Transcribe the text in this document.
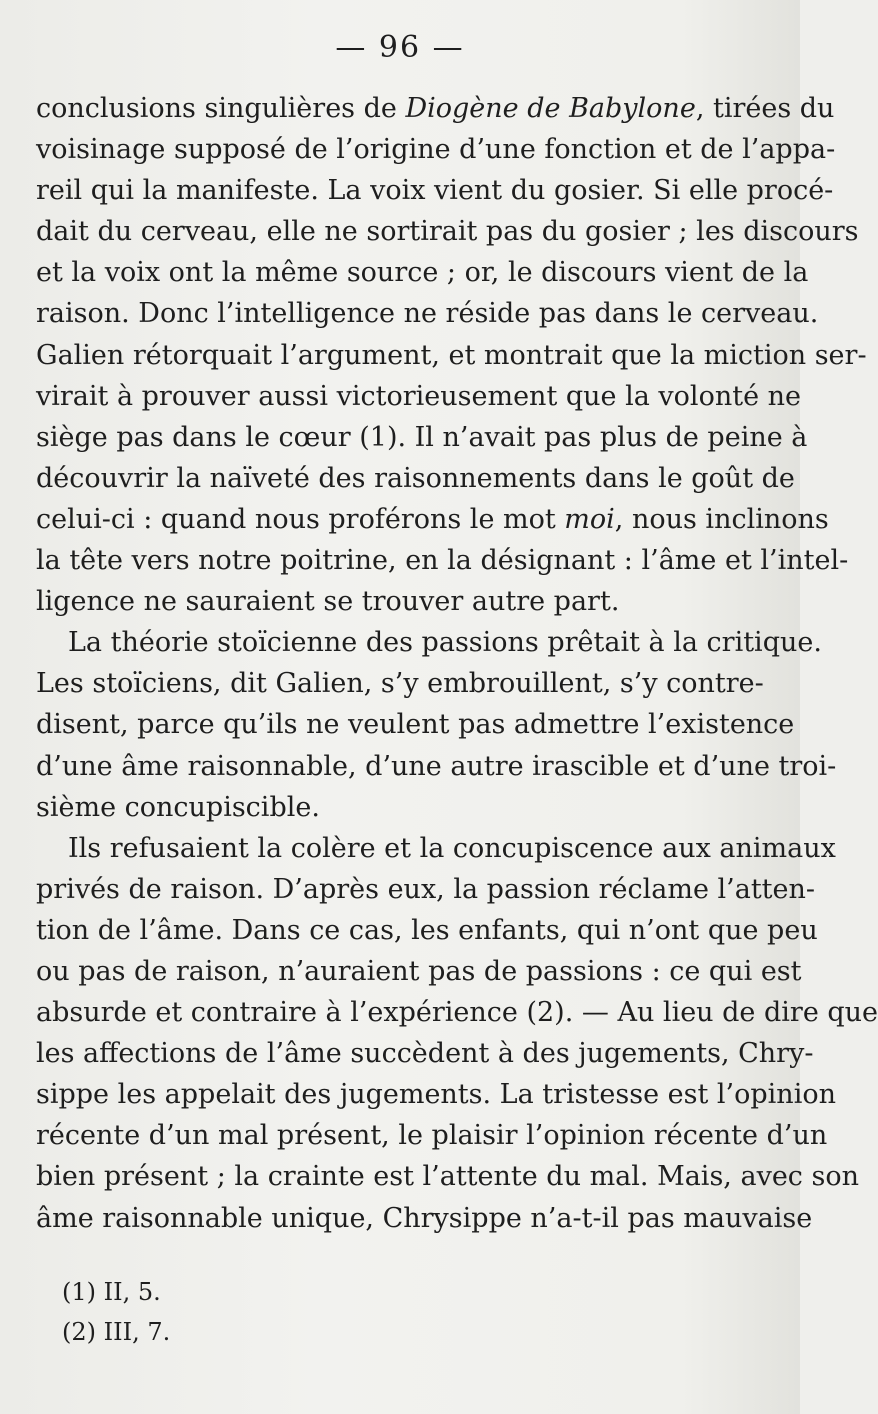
— 96 —
conclusions singulières de Diogène de Babylone, tirées du
voisinage supposé de l’origine d’une fonction et de l’appa-
reil qui la manifeste. La voix vient du gosier. Si elle procé-
dait du cerveau, elle ne sortirait pas du gosier ; les discours
et la voix ont la même source ; or, le discours vient de la
raison. Donc l’intelligence ne réside pas dans le cerveau.
Galien rétorquait l’argument, et montrait que la miction ser-
virait à prouver aussi victorieusement que la volonté ne
siège pas dans le cœur (1). Il n’avait pas plus de peine à
découvrir la naïveté des raisonnements dans le goût de
celui-ci : quand nous proférons le mot moi, nous inclinons
la tête vers notre poitrine, en la désignant : l’âme et l’intel-
ligence ne sauraient se trouver autre part.
La théorie stoïcienne des passions prêtait à la critique.
Les stoïciens, dit Galien, s’y embrouillent, s’y contre-
disent, parce qu’ils ne veulent pas admettre l’existence
d’une âme raisonnable, d’une autre irascible et d’une troi-
sième concupiscible.
Ils refusaient la colère et la concupiscence aux animaux
privés de raison. D’après eux, la passion réclame l’atten-
tion de l’âme. Dans ce cas, les enfants, qui n’ont que peu
ou pas de raison, n’auraient pas de passions : ce qui est
absurde et contraire à l’expérience (2). — Au lieu de dire que
les affections de l’âme succèdent à des jugements, Chry-
sippe les appelait des jugements. La tristesse est l’opinion
récente d’un mal présent, le plaisir l’opinion récente d’un
bien présent ; la crainte est l’attente du mal. Mais, avec son
âme raisonnable unique, Chrysippe n’a-t-il pas mauvaise
(1) II, 5.
(2) III, 7.
